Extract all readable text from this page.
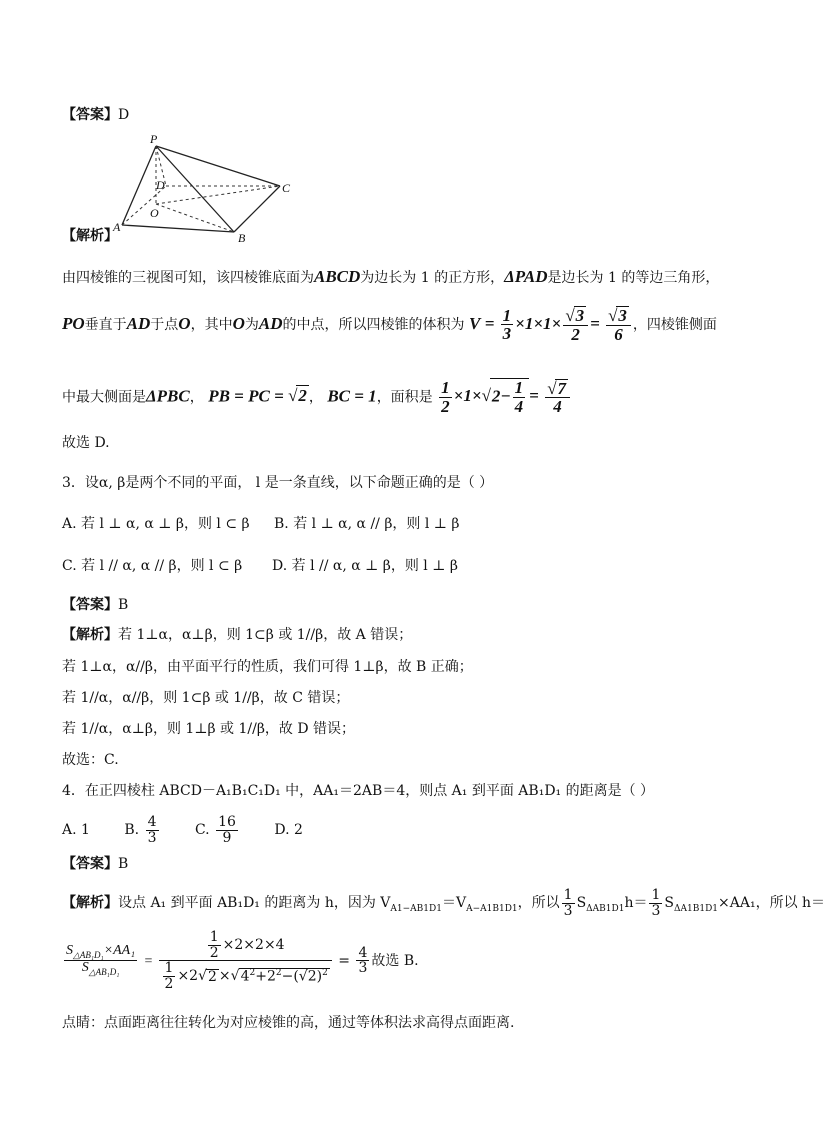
【答案】D
P
D
O
C
A
B
【解析】
由四棱锥的三视图可知，该四棱锥底面为ABCD为边长为 1 的正方形，ΔPAD是边长为 1 的等边三角形，
PO垂直于AD于点O，其中O为AD的中点，所以四棱锥的体积为 $V = \frac{1}{3} \times 1\times 1\times \frac{√3}{2} = \frac{√3}{6}$ ，四棱锥侧面
中最大侧面是ΔPBC， PB = PC = √2 ， BC = 1，面积是 $\frac{1}{2} \times 1\times√2- \frac{1}{4} = \frac{√7}{4}$
故选 D.
3．设α, β是两个不同的平面， l 是一条直线，以下命题正确的是（ ）
A. 若 l ⊥ α, α ⊥ β，则 l ⊂ β B. 若 l ⊥ α, α // β，则 l ⊥ β
C. 若 l // α, α // β，则 l ⊂ β D. 若 l // α, α ⊥ β，则 l ⊥ β
【答案】B
【解析】若 1⊥α，α⊥β，则 1⊂β 或 1//β，故 A 错误；
若 1⊥α，α//β，由平面平行的性质，我们可得 1⊥β，故 B 正确；
若 1//α，α//β，则 1⊂β 或 1//β，故 C 错误；
若 1//α，α⊥β，则 1⊥β 或 1//β，故 D 错误；
故选：C.
4．在正四棱柱 ABCD－A₁B₁C₁D₁ 中，AA₁＝2AB＝4，则点 A₁ 到平面 AB₁D₁ 的距离是（ ）
A. 1 B. $\frac{4}{3}$	C. $\frac{16}{9}$	D. 2
【答案】B
【解析】设点 A₁ 到平面 AB₁D₁ 的距离为 h，因为 $V_{A1-AB1D1}=V_{A-A1B1D1}$，所以 $\frac{1}{3} S_{\Delta AB1D1}h= \frac{1}{3} S_{\Delta A1B1D1}\times AA_1$，所以 h＝
$\frac{S_{\triangle AB_1D_1}\times AA_1}{S_{\triangle AB_1D_1}} = \frac{\frac{1}{2} \times 2\times 2\times 4}{\frac{1}{2} \times 2√2 \times√4^2+2^2-(√2)^2} = \frac{4}{3}$ 故选 B.
点睛：点面距离往往转化为对应棱锥的高，通过等体积法求高得点面距离.
